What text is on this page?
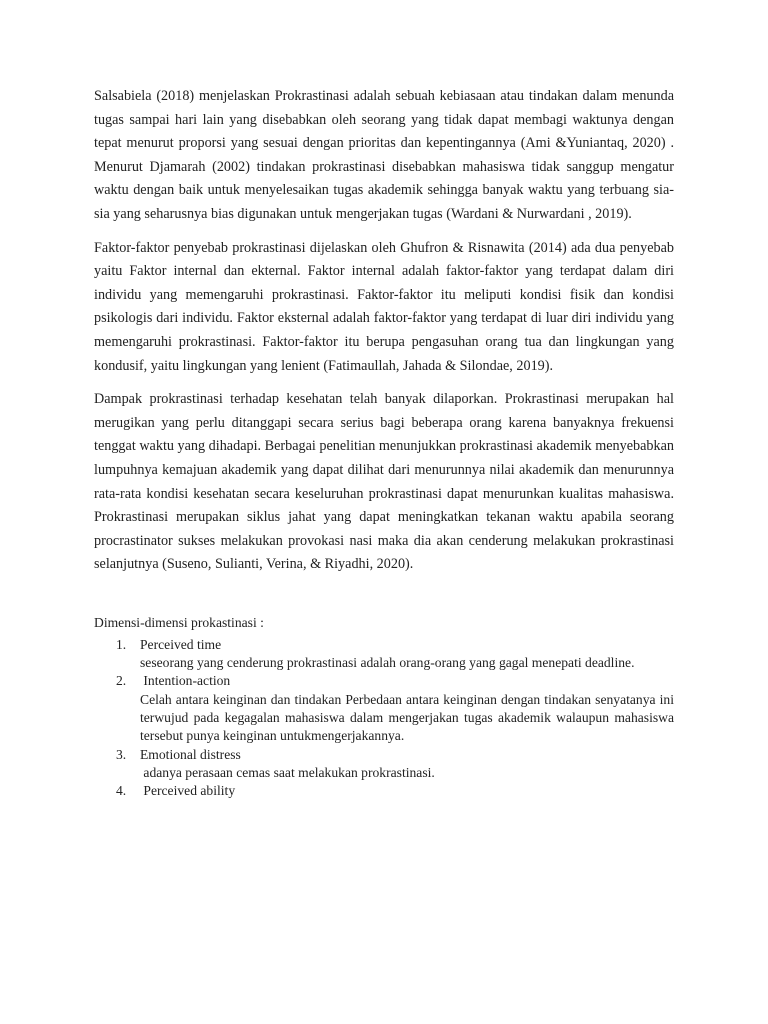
Salsabiela (2018) menjelaskan Prokrastinasi adalah sebuah kebiasaan atau tindakan dalam menunda tugas sampai hari lain yang disebabkan oleh seorang yang tidak dapat membagi waktunya dengan tepat menurut proporsi yang sesuai dengan prioritas dan kepentingannya (Ami &Yuniantaq, 2020) . Menurut Djamarah (2002) tindakan prokrastinasi disebabkan mahasiswa tidak sanggup mengatur waktu dengan baik untuk menyelesaikan tugas akademik sehingga banyak waktu yang terbuang sia-sia yang seharusnya bias digunakan untuk mengerjakan tugas (Wardani & Nurwardani , 2019).

Faktor-faktor penyebab prokrastinasi dijelaskan oleh Ghufron & Risnawita (2014) ada dua penyebab yaitu Faktor internal dan ekternal. Faktor internal adalah faktor-faktor yang terdapat dalam diri individu yang memengaruhi prokrastinasi. Faktor-faktor itu meliputi kondisi fisik dan kondisi psikologis dari individu. Faktor eksternal adalah faktor-faktor yang terdapat di luar diri individu yang memengaruhi prokrastinasi. Faktor-faktor itu berupa pengasuhan orang tua dan lingkungan yang kondusif, yaitu lingkungan yang lenient (Fatimaullah, Jahada & Silondae, 2019).

Dampak prokrastinasi terhadap kesehatan telah banyak dilaporkan. Prokrastinasi merupakan hal merugikan yang perlu ditanggapi secara serius bagi beberapa orang karena banyaknya frekuensi tenggat waktu yang dihadapi. Berbagai penelitian menunjukkan prokrastinasi akademik menyebabkan lumpuhnya kemajuan akademik yang dapat dilihat dari menurunnya nilai akademik dan menurunnya rata-rata kondisi kesehatan secara keseluruhan prokrastinasi dapat menurunkan kualitas mahasiswa. Prokrastinasi merupakan siklus jahat yang dapat meningkatkan tekanan waktu apabila seorang procrastinator sukses melakukan provokasi nasi maka dia akan cenderung melakukan prokrastinasi selanjutnya (Suseno, Sulianti, Verina, & Riyadhi, 2020).

Dimensi-dimensi prokastinasi :
1. Perceived time
seseorang yang cenderung prokrastinasi adalah orang-orang yang gagal menepati deadline.
2. Intention-action
Celah antara keinginan dan tindakan Perbedaan antara keinginan dengan tindakan senyatanya ini terwujud pada kegagalan mahasiswa dalam mengerjakan tugas akademik walaupun mahasiswa tersebut punya keinginan untukmengerjakannya.
3. Emotional distress
adanya perasaan cemas saat melakukan prokrastinasi.
4. Perceived ability
